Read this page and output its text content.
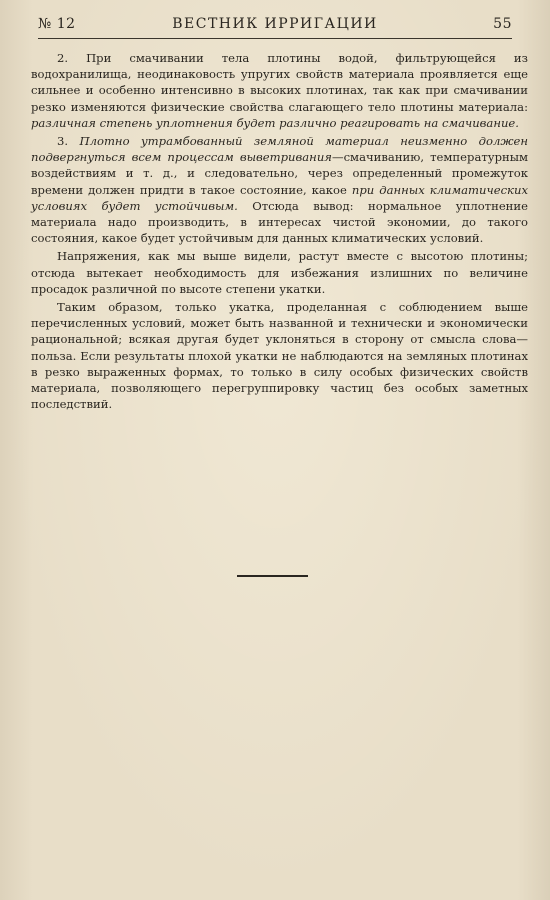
№ 12	ВЕСТНИК ИРРИГАЦИИ	55

2. При смачивании тела плотины водой, фильтрующейся из водохранилища, неодинаковость упругих свойств материала проявляется еще сильнее и особенно интенсивно в высоких плотинах, так как при смачивании резко изменяются физические свойства слагающего тело плотины материала: различная степень уплотнения будет различно реагировать на смачивание.

3. Плотно утрамбованный земляной материал неизменно должен подвергнуться всем процессам выветривания—смачиванию, температурным воздействиям и т. д., и следовательно, через определенный промежуток времени должен придти в такое состояние, какое при данных климатических условиях будет устойчивым. Отсюда вывод: нормальное уплотнение материала надо производить, в интересах чистой экономии, до такого состояния, какое будет устойчивым для данных климатических условий.

Напряжения, как мы выше видели, растут вместе с высотою плотины; отсюда вытекает необходимость для избежания излишних по величине просадок различной по высоте степени укатки.

Таким образом, только укатка, проделанная с соблюдением выше перечисленных условий, может быть названной и технически и экономически рациональной; всякая другая будет уклоняться в сторону от смысла слова—польза. Если результаты плохой укатки не наблюдаются на земляных плотинах в резко выраженных формах, то только в силу особых физических свойств материала, позволяющего перегруппировку частиц без особых заметных последствий.
